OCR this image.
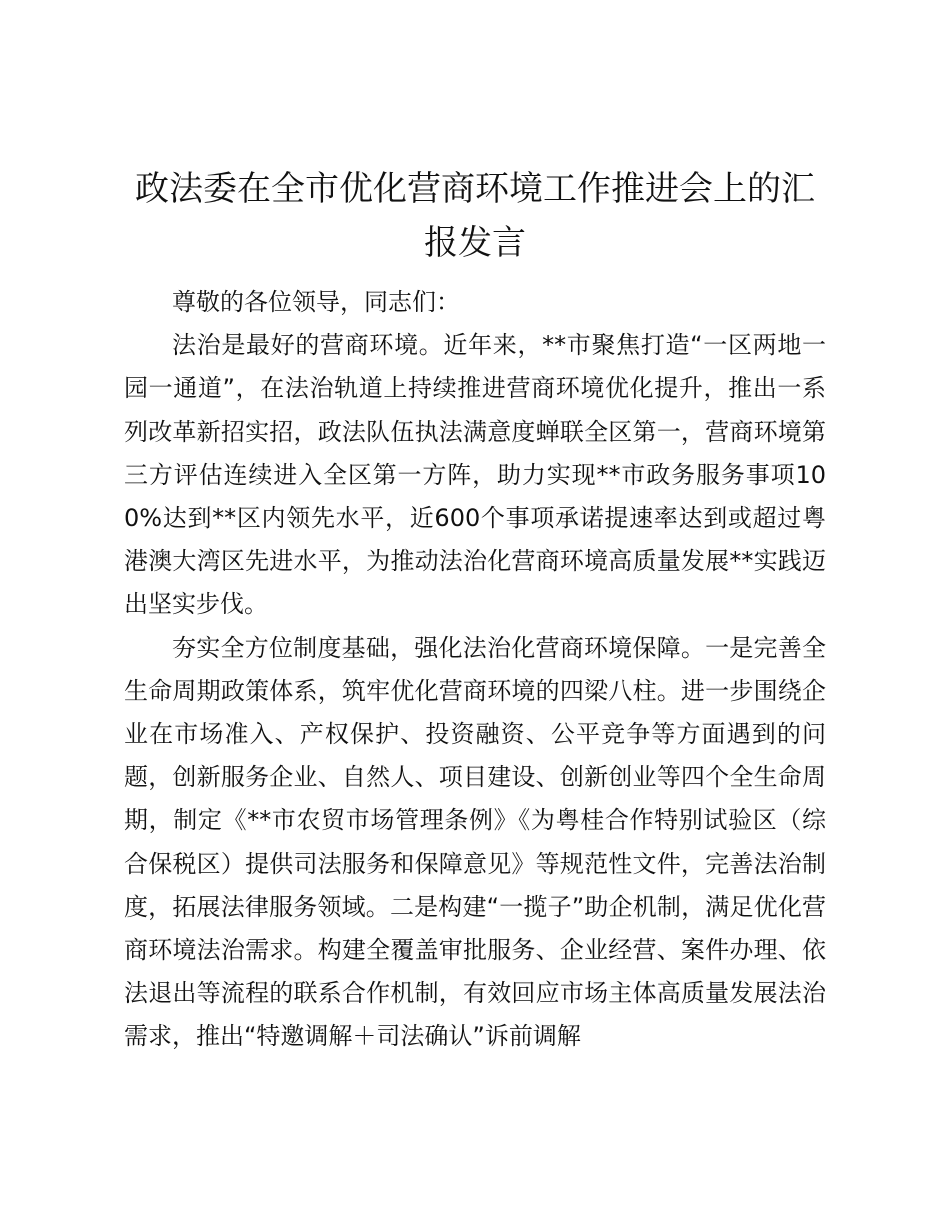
政法委在全市优化营商环境工作推进会上的汇报发言

尊敬的各位领导，同志们：

法治是最好的营商环境。近年来，**市聚焦打造“一区两地一园一通道”，在法治轨道上持续推进营商环境优化提升，推出一系列改革新招实招，政法队伍执法满意度蝉联全区第一，营商环境第三方评估连续进入全区第一方阵，助力实现**市政务服务事项100%达到**区内领先水平，近600个事项承诺提速率达到或超过粤港澳大湾区先进水平，为推动法治化营商环境高质量发展**实践迈出坚实步伐。

夯实全方位制度基础，强化法治化营商环境保障。一是完善全生命周期政策体系，筑牢优化营商环境的四梁八柱。进一步围绕企业在市场准入、产权保护、投资融资、公平竞争等方面遇到的问题，创新服务企业、自然人、项目建设、创新创业等四个全生命周期，制定《**市农贸市场管理条例》《为粤桂合作特别试验区（综合保税区）提供司法服务和保障意见》等规范性文件，完善法治制度，拓展法律服务领域。二是构建“一揽子”助企机制，满足优化营商环境法治需求。构建全覆盖审批服务、企业经营、案件办理、依法退出等流程的联系合作机制，有效回应市场主体高质量发展法治需求，推出“特邀调解＋司法确认”诉前调解
